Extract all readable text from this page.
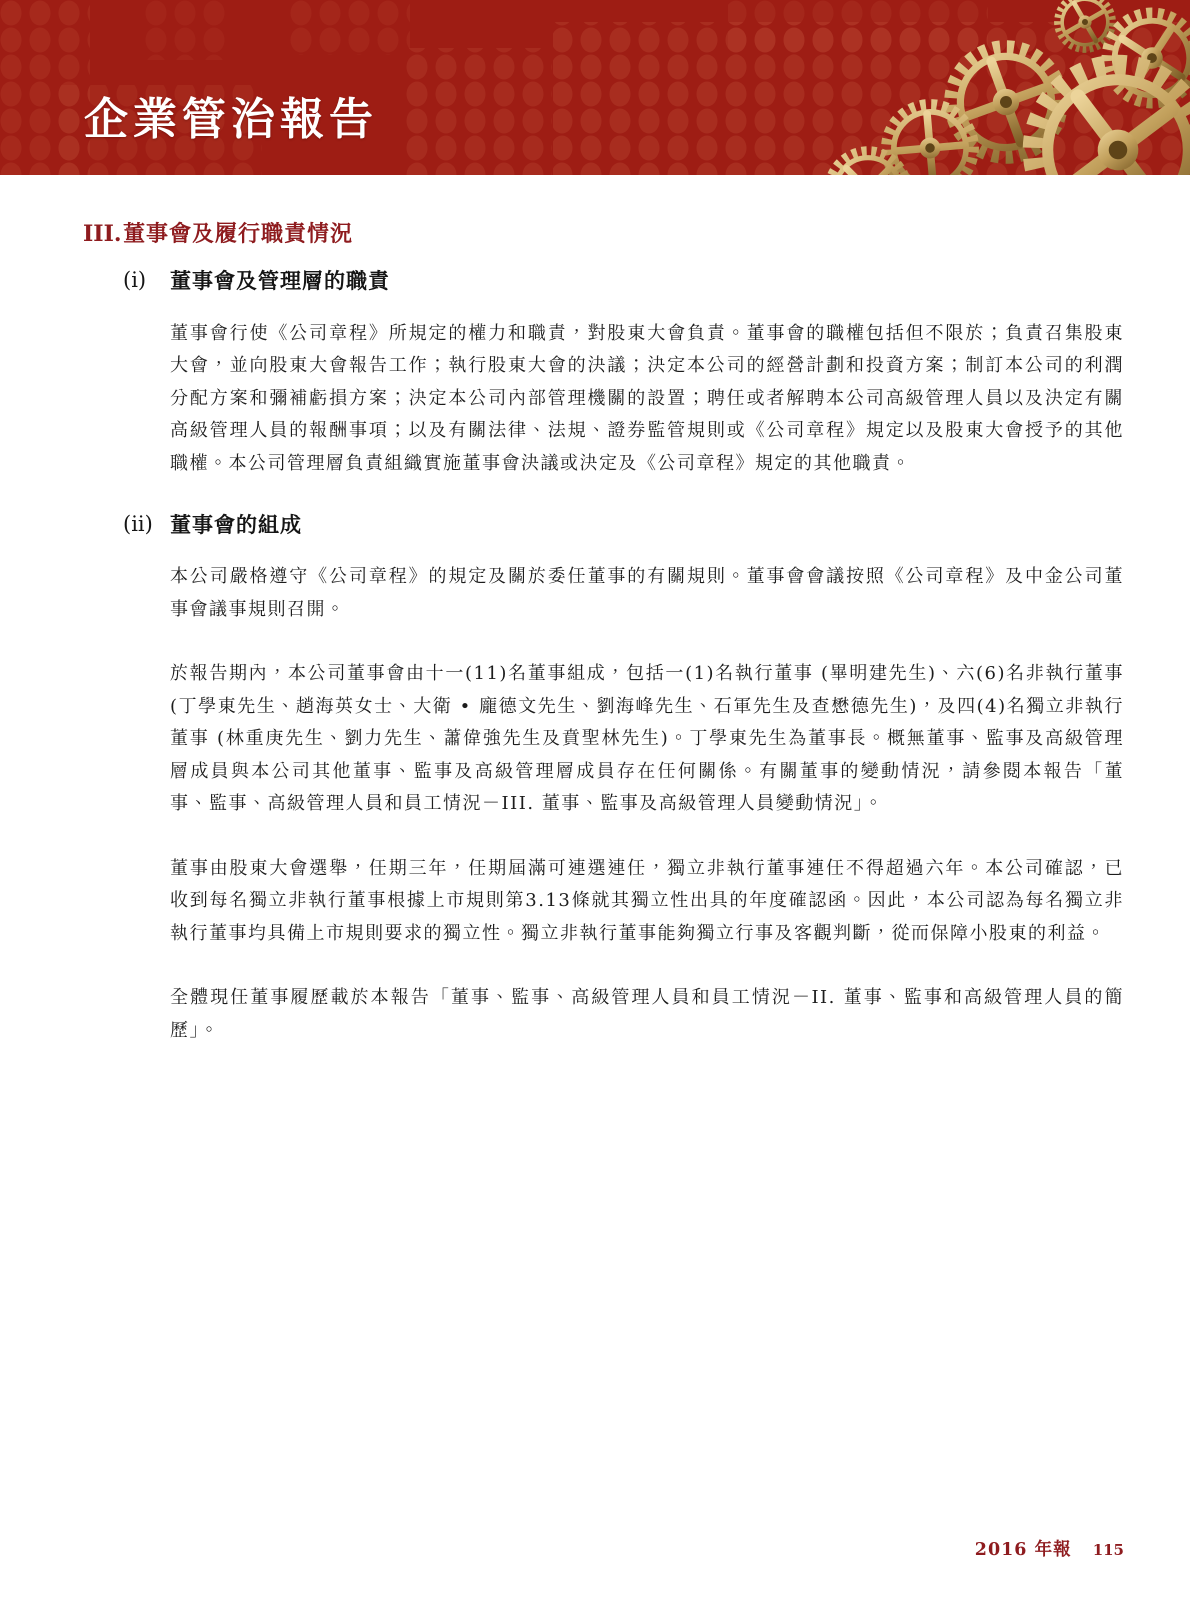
企業管治報告
III. 董事會及履行職責情況
(i)	董事會及管理層的職責

董事會行使《公司章程》所規定的權力和職責，對股東大會負責。董事會的職權包括但不限於；負責召集股東大會，並向股東大會報告工作；執行股東大會的決議；決定本公司的經營計劃和投資方案；制訂本公司的利潤分配方案和彌補虧損方案；決定本公司內部管理機關的設置；聘任或者解聘本公司高級管理人員以及決定有關高級管理人員的報酬事項；以及有關法律、法規、證券監管規則或《公司章程》規定以及股東大會授予的其他職權。本公司管理層負責組織實施董事會決議或決定及《公司章程》規定的其他職責。

(ii) 董事會的組成

本公司嚴格遵守《公司章程》的規定及關於委任董事的有關規則。董事會會議按照《公司章程》及中金公司董事會議事規則召開。

於報告期內，本公司董事會由十一(11)名董事組成，包括一(1)名執行董事 (畢明建先生)、六(6)名非執行董事 (丁學東先生、趙海英女士、大衛 • 龐德文先生、劉海峰先生、石軍先生及查懋德先生)，及四(4)名獨立非執行董事 (林重庚先生、劉力先生、蕭偉強先生及賁聖林先生)。丁學東先生為董事長。概無董事、監事及高級管理層成員與本公司其他董事、監事及高級管理層成員存在任何關係。有關董事的變動情況，請參閱本報告「董事、監事、高級管理人員和員工情況－III. 董事、監事及高級管理人員變動情況」。

董事由股東大會選舉，任期三年，任期屆滿可連選連任，獨立非執行董事連任不得超過六年。本公司確認，已收到每名獨立非執行董事根據上市規則第3.13條就其獨立性出具的年度確認函。因此，本公司認為每名獨立非執行董事均具備上市規則要求的獨立性。獨立非執行董事能夠獨立行事及客觀判斷，從而保障小股東的利益。

全體現任董事履歷載於本報告「董事、監事、高級管理人員和員工情況－II. 董事、監事和高級管理人員的簡歷」。

2016 年報 115
